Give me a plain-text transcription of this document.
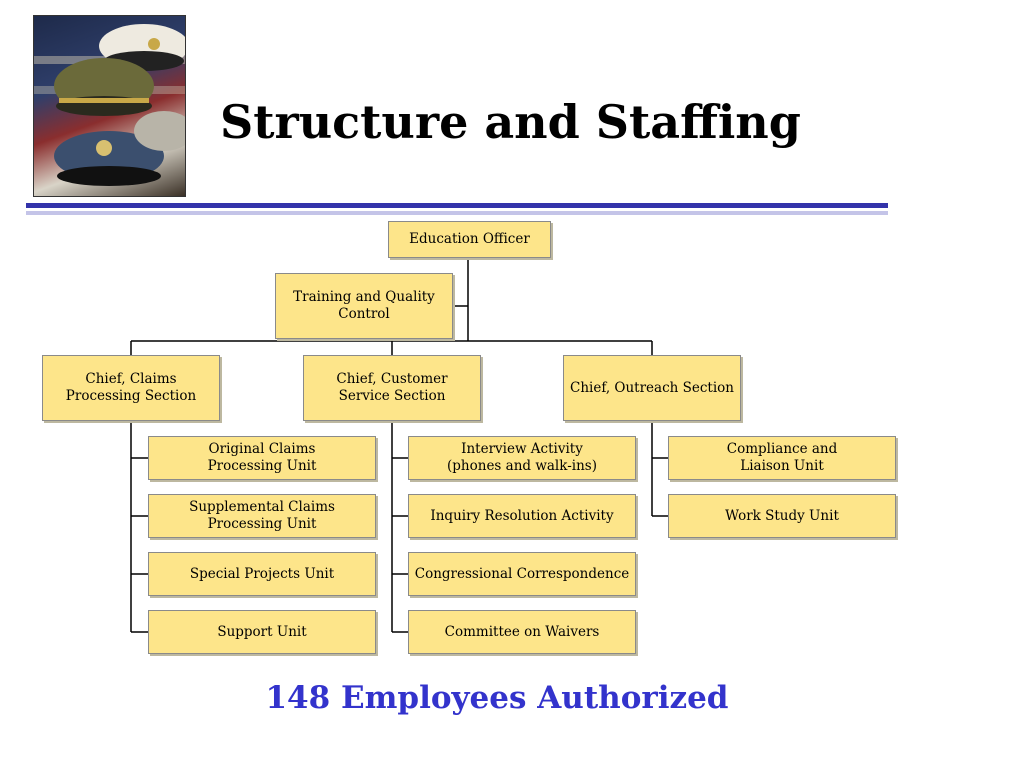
Structure and Staffing
Education Officer
Training and Quality
Control
Chief, Claims
Processing Section
Chief, Customer
Service Section
Chief, Outreach Section
Original Claims
Processing Unit
Supplemental Claims
Processing Unit
Special Projects Unit
Support Unit
Interview Activity
(phones and walk-ins)
Inquiry Resolution Activity
Congressional Correspondence
Committee on Waivers
Compliance and
Liaison Unit
Work Study Unit
148 Employees Authorized
